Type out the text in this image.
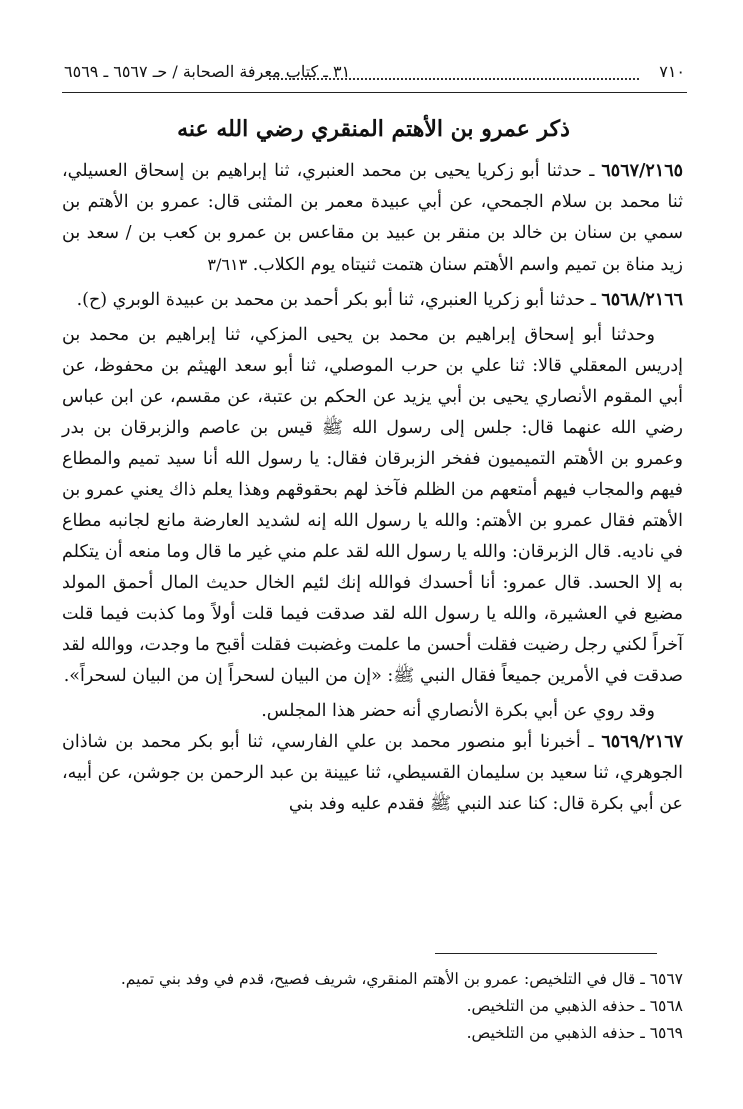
٧١٠
٣١ ـ كتاب معرفة الصحابة / حـ ٦٥٦٧ ـ ٦٥٦٩
ذكر عمرو بن الأهتم المنقري رضي الله عنه

٦٥٦٧/٢١٦٥ ـ حدثنا أبو زكريا يحيى بن محمد العنبري، ثنا إبراهيم بن إسحاق العسيلي، ثنا محمد بن سلام الجمحي، عن أبي عبيدة معمر بن المثنى قال: عمرو بن الأهتم بن سمي بن سنان بن خالد بن منقر بن عبيد بن مقاعس بن عمرو بن كعب بن / سعد بن زيد مناة بن تميم واسم الأهتم سنان هتمت ثنيتاه يوم الكلاب. ٣/٦١٣

٦٥٦٨/٢١٦٦ ـ حدثنا أبو زكريا العنبري، ثنا أبو بكر أحمد بن محمد بن عبيدة الوبري (ح).

وحدثنا أبو إسحاق إبراهيم بن محمد بن يحيى المزكي، ثنا إبراهيم بن محمد بن إدريس المعقلي قالا: ثنا علي بن حرب الموصلي، ثنا أبو سعد الهيثم بن محفوظ، عن أبي المقوم الأنصاري يحيى بن أبي يزيد عن الحكم بن عتبة، عن مقسم، عن ابن عباس رضي الله عنهما قال: جلس إلى رسول الله ﷺ قيس بن عاصم والزبرقان بن بدر وعمرو بن الأهتم التميميون ففخر الزبرقان فقال: يا رسول الله أنا سيد تميم والمطاع فيهم والمجاب فيهم أمتعهم من الظلم فآخذ لهم بحقوقهم وهذا يعلم ذاك يعني عمرو بن الأهتم فقال عمرو بن الأهتم: والله يا رسول الله إنه لشديد العارضة مانع لجانبه مطاع في ناديه. قال الزبرقان: والله يا رسول الله لقد علم مني غير ما قال وما منعه أن يتكلم به إلا الحسد. قال عمرو: أنا أحسدك فوالله إنك لئيم الخال حديث المال أحمق المولد مضيع في العشيرة، والله يا رسول الله لقد صدقت فيما قلت أولاً وما كذبت فيما قلت آخراً لكني رجل رضيت فقلت أحسن ما علمت وغضبت فقلت أقبح ما وجدت، ووالله لقد صدقت في الأمرين جميعاً فقال النبي ﷺ: «إن من البيان لسحراً إن من البيان لسحراً».

وقد روي عن أبي بكرة الأنصاري أنه حضر هذا المجلس.

٦٥٦٩/٢١٦٧ ـ أخبرنا أبو منصور محمد بن علي الفارسي، ثنا أبو بكر محمد بن شاذان الجوهري، ثنا سعيد بن سليمان القسيطي، ثنا عيينة بن عبد الرحمن بن جوشن، عن أبيه، عن أبي بكرة قال: كنا عند النبي ﷺ فقدم عليه وفد بني

٦٥٦٧ ـ قال في التلخيص: عمرو بن الأهتم المنقري، شريف فصيح، قدم في وفد بني تميم.

٦٥٦٨ ـ حذفه الذهبي من التلخيص.

٦٥٦٩ ـ حذفه الذهبي من التلخيص.
